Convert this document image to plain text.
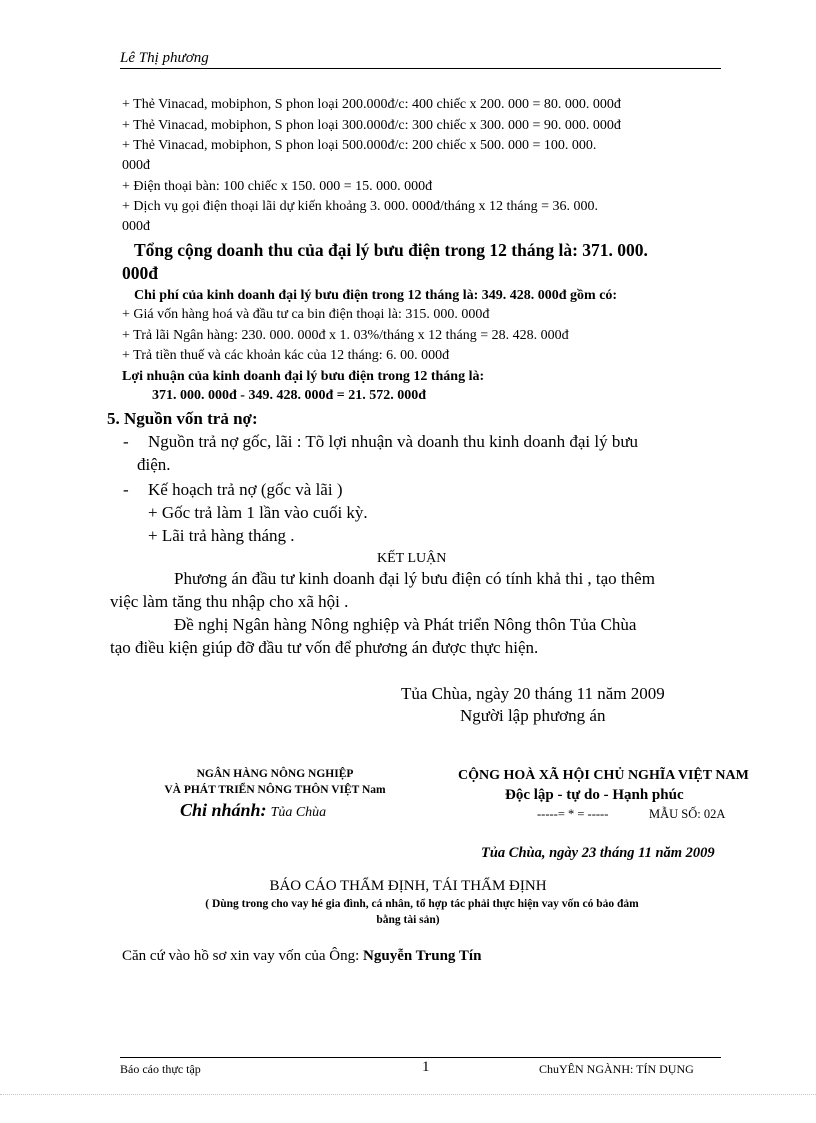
Lê Thị phương
+ Thẻ Vinacad, mobiphon, S phon loại 200.000đ/c: 400 chiếc x 200. 000 = 80. 000. 000đ
+ Thẻ Vinacad, mobiphon, S phon loại 300.000đ/c: 300 chiếc x 300. 000 = 90. 000. 000đ
+ Thẻ Vinacad, mobiphon, S phon loại 500.000đ/c: 200 chiếc x 500. 000 = 100. 000.
000đ
+ Điện thoại bàn: 100 chiếc x 150. 000 = 15. 000. 000đ
+ Dịch vụ gọi điện thoại lãi dự kiến khoảng 3. 000. 000đ/tháng x 12 tháng = 36. 000.
000đ
Tổng cộng doanh thu của đại lý bưu điện trong 12 tháng là: 371. 000.
000đ
Chi phí của kinh doanh đại lý bưu điện trong 12 tháng là: 349. 428. 000đ gồm có:
+ Giá vốn hàng hoá và đầu tư ca bin điện thoại là: 315. 000. 000đ
+ Trả lãi Ngân hàng: 230. 000. 000đ x 1. 03%/tháng x 12 tháng = 28. 428. 000đ
+ Trả tiền thuế và các khoản kác của 12 tháng: 6. 00. 000đ
Lợi nhuận của kinh doanh đại lý bưu điện trong 12 tháng là:
371. 000. 000đ - 349. 428. 000đ = 21. 572. 000đ
5. Nguồn vốn trả nợ:
- Nguồn trả nợ gốc, lãi : Tõ lợi nhuận và doanh thu kinh doanh đại lý bưu
điện.
- Kế hoạch trả nợ (gốc và lãi )
+ Gốc trả làm 1 lần vào cuối kỳ.
+ Lãi trả hàng tháng .
KẾT LUẬN
Phương án đầu tư kinh doanh đại lý bưu điện có tính khả thi , tạo thêm
việc làm tăng thu nhập cho xã hội .
Đề nghị Ngân hàng Nông nghiệp và Phát triển Nông thôn Tủa Chùa
tạo điều kiện giúp đỡ đầu tư vốn để phương án được thực hiện.
Tủa Chùa, ngày 20 tháng 11 năm 2009
Người lập phương án
NGÂN HÀNG NÔNG NGHIỆP
VÀ PHÁT TRIỂN NÔNG THÔN VIỆT Nam
Chi nhánh: Tủa Chùa
CỘNG HOÀ XÃ HỘI CHỦ NGHĨA VIỆT NAM
Độc lập - tự do - Hạnh phúc
-----= * = -----	MẪU SỐ: 02A
Tủa Chùa, ngày 23 tháng 11 năm 2009
BÁO CÁO THẨM ĐỊNH, TÁI THẨM ĐỊNH
( Dùng trong cho vay hé gia đình, cá nhân, tổ hợp tác phải thực hiện vay vốn có bảo đảm
bằng tài sản)
Căn cứ vào hồ sơ xin vay vốn của Ông: Nguyễn Trung Tín
Báo cáo thực tập	1	ChuYÊN NGÀNH: TÍN DỤNG
